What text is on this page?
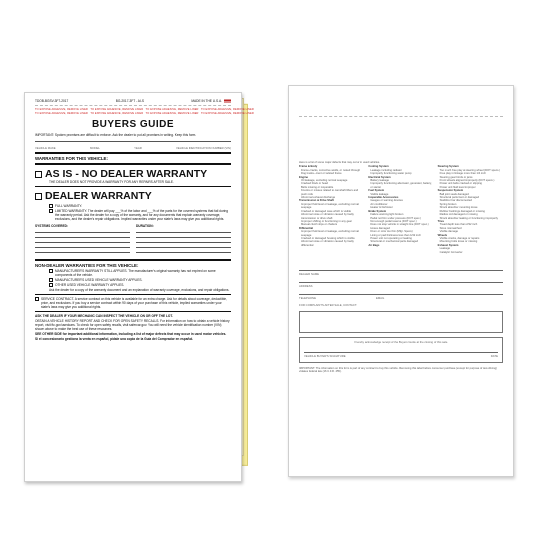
TDOB-BGSV-3F7-2017	BG-2017-3FT - AI-S	MADE IN THE U.S.A.
TO EXPOSE ADHESIVE, REMOVE LINER TO EXPOSE ADHESIVE, REMOVE LINER TO EXPOSE ADHESIVE, REMOVE LINER TO EXPOSE ADHESIVE, REMOVE LINER
TO EXPOSE ADHESIVE, REMOVE LINER TO EXPOSE ADHESIVE, REMOVE LINER TO EXPOSE ADHESIVE, REMOVE LINER TO EXPOSE ADHESIVE, REMOVE LINER
BUYERS GUIDE
IMPORTANT: Spoken promises are difficult to enforce. Ask the dealer to put all promises in writing. Keep this form.
VEHICLE MAKE	MODEL	YEAR	VEHICLE IDENTIFICATION NUMBER (VIN)
WARRANTIES FOR THIS VEHICLE:
AS IS - NO DEALER WARRANTY
THE DEALER DOES NOT PROVIDE A WARRANTY FOR ANY REPAIRS AFTER SALE.
DEALER WARRANTY
FULL WARRANTY.
LIMITED WARRANTY. The dealer will pay ___% of the labor and ___% of the parts for the covered systems that fail during the warranty period. Ask the dealer for a copy of the warranty, and for any documents that explain warranty coverage, exclusions, and the dealer's repair obligations. Implied warranties under your state's laws may give you additional rights.
SYSTEMS COVERED:	DURATION:
NON-DEALER WARRANTIES FOR THIS VEHICLE:
MANUFACTURER'S WARRANTY STILL APPLIES. The manufacturer's original warranty has not expired on some components of the vehicle.
MANUFACTURER'S USED VEHICLE WARRANTY APPLIES.
OTHER USED VEHICLE WARRANTY APPLIES.
Ask the dealer for a copy of the warranty document and an explanation of warranty coverage, exclusions, and repair obligations.
SERVICE CONTRACT. A service contract on this vehicle is available for an extra charge. Ask for details about coverage, deductible, price, and exclusions. If you buy a service contract within 90 days of your purchase of this vehicle, implied warranties under your state's laws may give you additional rights.
ASK THE DEALER IF YOUR MECHANIC CAN INSPECT THE VEHICLE ON OR OFF THE LOT.
OBTAIN A VEHICLE HISTORY REPORT AND CHECK FOR OPEN SAFETY RECALLS. For information on how to obtain a vehicle history report, visit ftc.gov/usedcars. To check for open safety recalls, visit safercar.gov. You will need the vehicle identification number (VIN) shown above to make the best use of these resources.
SEE OTHER SIDE for important additional information, including a list of major defects that may occur in used motor vehicles.
Si el concesionario gestiona la venta en español, pídale una copia de la Guía del Comprador en español.
Here is a list of some major defects that may occur in used vehicles.
Frame & Body
Frame-cracks, corrective welds, or rusted through
Dog tracks—bent or twisted frame
Engine
Oil leakage, excluding normal seepage
Cracked block or head
Belts missing or inoperable
Knocks or misses related to camshaft lifters and push rods
Abnormal exhaust discharge
Transmission & Drive Shaft
Improper fluid level or leakage, excluding normal seepage
Cracked or damaged case which is visible
Abnormal noise or vibration caused by faulty transmission or drive shaft
Improper shifting or functioning in any gear
Manual clutch slips or chatters
Differential
Improper fluid level or leakage, excluding normal seepage
Cracked or damaged housing which is visible
Abnormal noise or vibration caused by faulty differential
Cooling System
Leakage including radiator
Improperly functioning water pump
Electrical System
Battery leakage
Improperly functioning alternator, generator, battery, or starter
Fuel System
Visible leakage
Inoperable Accessories
Gauges or warning devices
Air conditioner
Heater & Defroster
Brake System
Failure warning light broken
Pedal not firm under pressure (DOT spec.)
Not enough pedal reserve (DOT spec.)
Does not stop vehicle in straight line (DOT spec.)
Hoses damaged
Drum or rotor too thin (Mfgr. Specs)
Lining or pad thickness less than 1/32 inch
Power unit not operating or leaking
Structural or mechanical parts damaged
Air Bags
Steering System
Too much free play at steering wheel (DOT specs.)
Free play in linkage more than 1/4 inch
Steering gear binds or jams
Front wheels aligned improperly (DOT specs.)
Power unit belts cracked or slipping
Power unit fluid level improper
Suspension System
Ball joint seals damaged
Structural parts bent or damaged
Stabilizer bar disconnected
Spring broken
Shock absorber mounting loose
Rubber bushings damaged or missing
Radius rod damaged or missing
Shock absorber leaking or functioning improperly
Tires
Tread depth less than 2/32 inch
Sizes mismatched
Visible damage
Wheels
Visible cracks, damage or repairs
Mounting bolts loose or missing
Exhaust System
Leakage
Catalytic Converter
DEALER NAME
ADDRESS
TELEPHONE	EMAIL
FOR COMPLAINTS AFTER SALE, CONTACT:
I hereby acknowledge receipt of the Buyers Guide at the closing of this sale.
VEHICLE BUYER'S SIGNATURE	DATE
IMPORTANT: The information on this form is part of any contract to buy this vehicle. Removing this label before consumer purchase (except for purpose of test-driving) violates federal law (16 C.F.R. 455).
